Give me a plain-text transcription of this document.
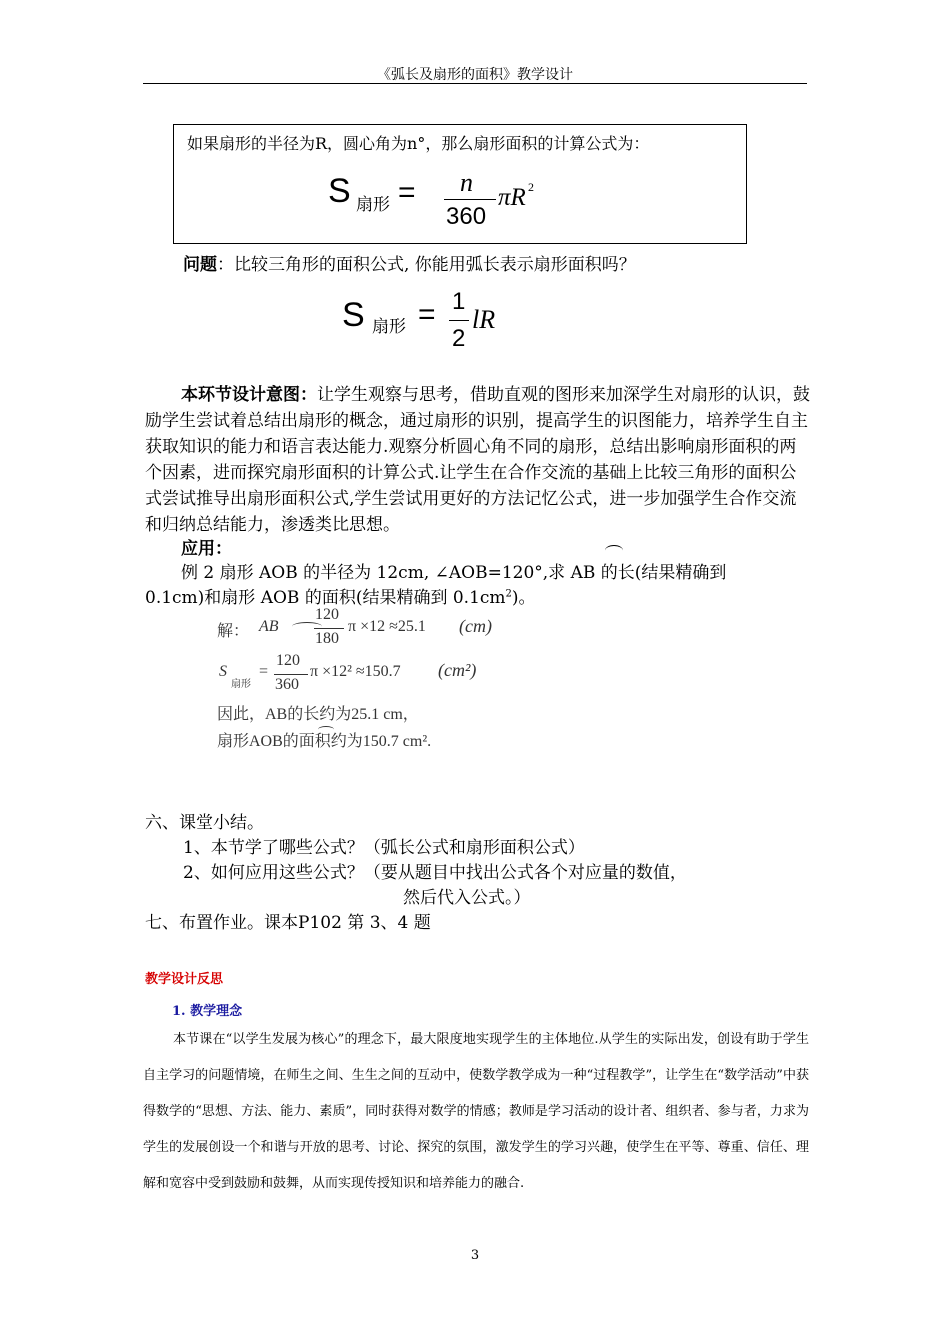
《弧长及扇形的面积》教学设计
如果扇形的半径为R，圆心角为n°，那么扇形面积的计算公式为：
S 扇形 = n
360
πR 2
问题：比较三角形的面积公式, 你能用弧长表示扇形面积吗？
S 扇形 = 1
2
lR
本环节设计意图：让学生观察与思考，借助直观的图形来加深学生对扇形的认识，鼓励学生尝试着总结出扇形的概念，通过扇形的识别，提高学生的识图能力，培养学生自主获取知识的能力和语言表达能力.观察分析圆心角不同的扇形，总结出影响扇形面积的两个因素，进而探究扇形面积的计算公式.让学生在合作交流的基础上比较三角形的面积公式尝试推导出扇形面积公式,学生尝试用更好的方法记忆公式，进一步加强学生合作交流和归纳总结能力，渗透类比思想。
应用：
例 2 扇形 AOB 的半径为 12cm, ∠AOB=120°,求 AB 的长(结果精确到
0.1cm)和扇形 AOB 的面积(结果精确到 $0.1cm^2$)。
解： AB
120
180
π ×12 ≈25.1 (cm)
S
扇形
=
120
360
π ×12² ≈150.7 (cm²)
因此，AB的长约为25.1 cm，
扇形AOB的面积约为150.7 cm².
六、课堂小结。
1、本节学了哪些公式？（弧长公式和扇形面积公式）
2、如何应用这些公式？（要从题目中找出公式各个对应量的数值，
然后代入公式。）
七、布置作业。课本P102 第 3、4 题
教学设计反思
1. 教学理念
本节课在“以学生发展为核心”的理念下，最大限度地实现学生的主体地位.从学生的实际出发，创设有助于学生自主学习的问题情境，在师生之间、生生之间的互动中，使数学教学成为一种“过程教学”，让学生在“数学活动”中获得数学的“思想、方法、能力、素质”，同时获得对数学的情感；教师是学习活动的设计者、组织者、参与者，力求为学生的发展创设一个和谐与开放的思考、讨论、探究的氛围，激发学生的学习兴趣，使学生在平等、尊重、信任、理解和宽容中受到鼓励和鼓舞，从而实现传授知识和培养能力的融合.
3
